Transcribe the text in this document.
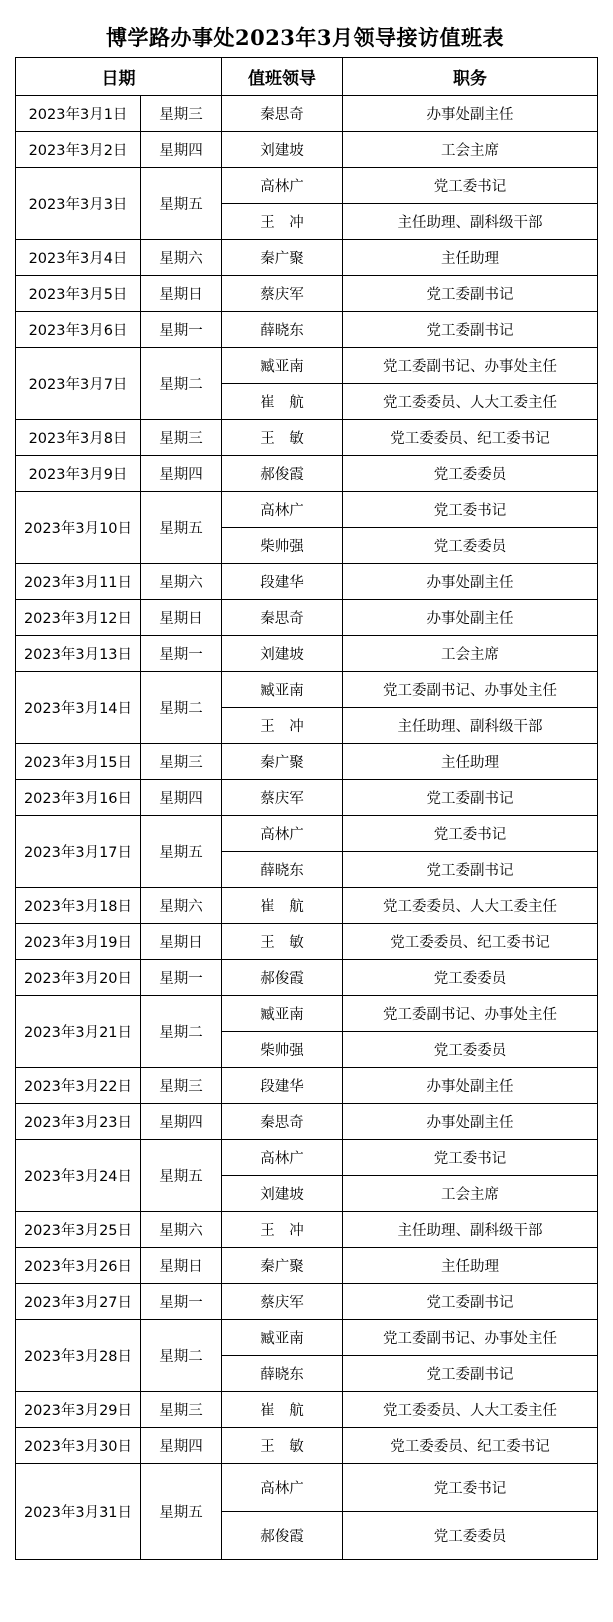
博学路办事处2023年3月领导接访值班表
日期		值班领导	职务
2023年3月1日	星期三	秦思奇	办事处副主任
2023年3月2日	星期四	刘建坡	工会主席
2023年3月3日	星期五	高林广	党工委书记
		王　冲	主任助理、副科级干部
2023年3月4日	星期六	秦广聚	主任助理
2023年3月5日	星期日	蔡庆军	党工委副书记
2023年3月6日	星期一	薛晓东	党工委副书记
2023年3月7日	星期二	臧亚南	党工委副书记、办事处主任
		崔　航	党工委委员、人大工委主任
2023年3月8日	星期三	王　敏	党工委委员、纪工委书记
2023年3月9日	星期四	郝俊霞	党工委委员
2023年3月10日	星期五	高林广	党工委书记
		柴帅强	党工委委员
2023年3月11日	星期六	段建华	办事处副主任
2023年3月12日	星期日	秦思奇	办事处副主任
2023年3月13日	星期一	刘建坡	工会主席
2023年3月14日	星期二	臧亚南	党工委副书记、办事处主任
		王　冲	主任助理、副科级干部
2023年3月15日	星期三	秦广聚	主任助理
2023年3月16日	星期四	蔡庆军	党工委副书记
2023年3月17日	星期五	高林广	党工委书记
		薛晓东	党工委副书记
2023年3月18日	星期六	崔　航	党工委委员、人大工委主任
2023年3月19日	星期日	王　敏	党工委委员、纪工委书记
2023年3月20日	星期一	郝俊霞	党工委委员
2023年3月21日	星期二	臧亚南	党工委副书记、办事处主任
		柴帅强	党工委委员
2023年3月22日	星期三	段建华	办事处副主任
2023年3月23日	星期四	秦思奇	办事处副主任
2023年3月24日	星期五	高林广	党工委书记
		刘建坡	工会主席
2023年3月25日	星期六	王　冲	主任助理、副科级干部
2023年3月26日	星期日	秦广聚	主任助理
2023年3月27日	星期一	蔡庆军	党工委副书记
2023年3月28日	星期二	臧亚南	党工委副书记、办事处主任
		薛晓东	党工委副书记
2023年3月29日	星期三	崔　航	党工委委员、人大工委主任
2023年3月30日	星期四	王　敏	党工委委员、纪工委书记
2023年3月31日	星期五	高林广	党工委书记
		郝俊霞	党工委委员
